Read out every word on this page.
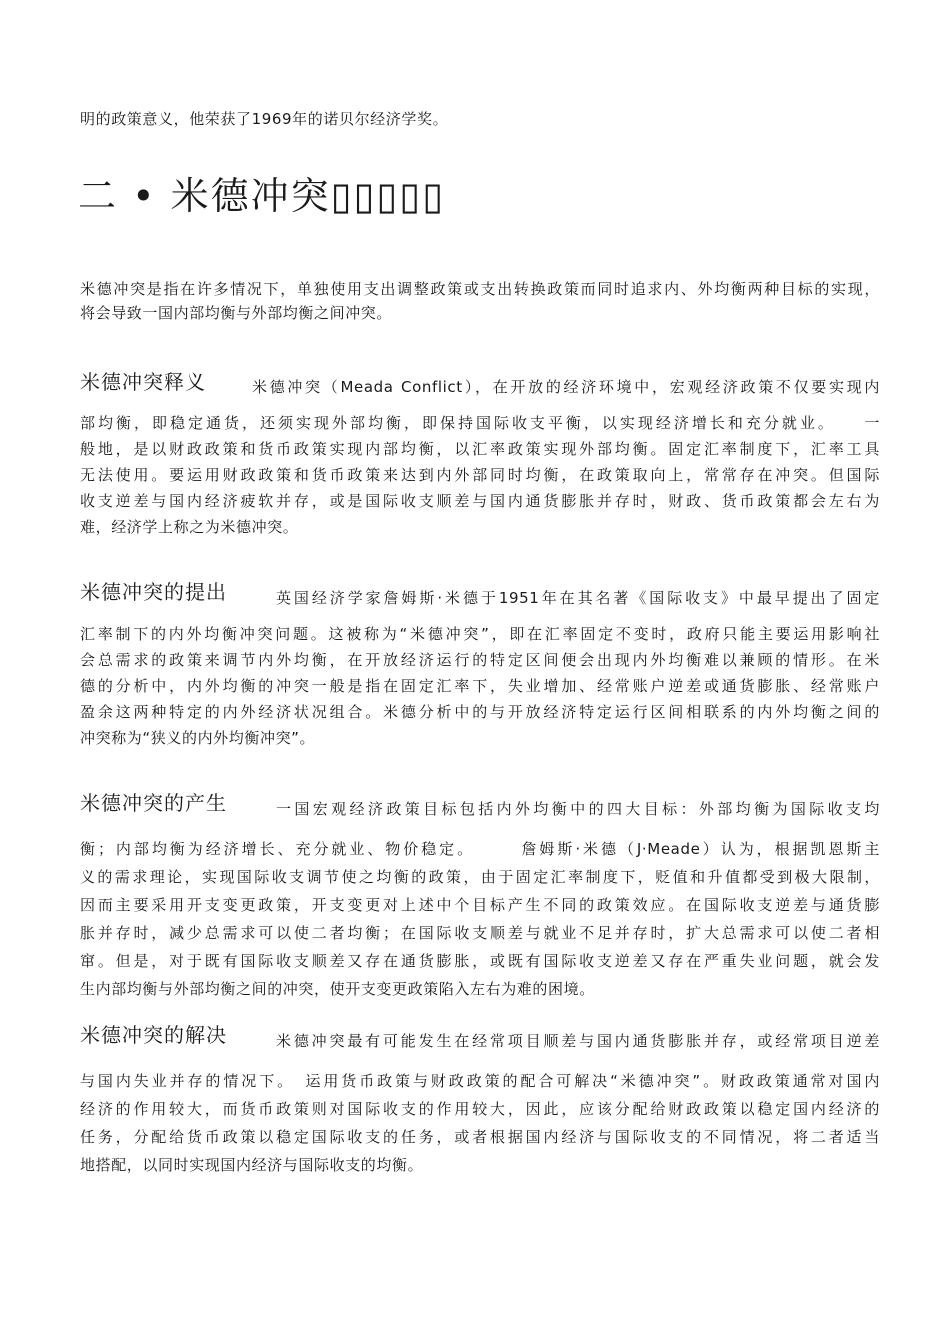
明的政策意义，他荣获了1969年的诺贝尔经济学奖。
二 • 米德冲突▯▯▯▯▯
米德冲突是指在许多情况下，单独使用支出调整政策或支出转换政策而同时追求内、外均衡两种目标的实现，
将会导致一国内部均衡与外部均衡之间冲突。
米德冲突释义	米德冲突（Meada Conflict），在开放的经济环境中，宏观经济政策不仅要实现内
部均衡，即稳定通货，还须实现外部均衡，即保持国际收支平衡，以实现经济增长和充分就业。　　一
般地，是以财政政策和货币政策实现内部均衡，以汇率政策实现外部均衡。固定汇率制度下，汇率工具
无法使用。要运用财政政策和货币政策来达到内外部同时均衡，在政策取向上，常常存在冲突。但国际
收支逆差与国内经济疲软并存，或是国际收支顺差与国内通货膨胀并存时，财政、货币政策都会左右为
难，经济学上称之为米德冲突。
米德冲突的提出	英国经济学家詹姆斯·米德于1951年在其名著《国际收支》中最早提出了固定
汇率制下的内外均衡冲突问题。这被称为“米德冲突”，即在汇率固定不变时，政府只能主要运用影响社
会总需求的政策来调节内外均衡，在开放经济运行的特定区间便会出现内外均衡难以兼顾的情形。在米
德的分析中，内外均衡的冲突一般是指在固定汇率下，失业增加、经常账户逆差或通货膨胀、经常账户
盈余这两种特定的内外经济状况组合。米德分析中的与开放经济特定运行区间相联系的内外均衡之间的
冲突称为“狭义的内外均衡冲突”。
米德冲突的产生	一国宏观经济政策目标包括内外均衡中的四大目标：外部均衡为国际收支均
衡；内部均衡为经济增长、充分就业、物价稳定。　　　詹姆斯·米德（J·Meade）认为，根据凯恩斯主
义的需求理论，实现国际收支调节使之均衡的政策，由于固定汇率制度下，贬值和升值都受到极大限制，
因而主要采用开支变更政策，开支变更对上述中个目标产生不同的政策效应。在国际收支逆差与通货膨
胀并存时，减少总需求可以使二者均衡；在国际收支顺差与就业不足并存时，扩大总需求可以使二者相
窜。但是，对于既有国际收支顺差又存在通货膨胀，或既有国际收支逆差又存在严重失业问题，就会发
生内部均衡与外部均衡之间的冲突，使开支变更政策陷入左右为难的困境。
米德冲突的解决	米德冲突最有可能发生在经常项目顺差与国内通货膨胀并存，或经常项目逆差
与国内失业并存的情况下。　运用货币政策与财政政策的配合可解决“米德冲突”。财政政策通常对国内
经济的作用较大，而货币政策则对国际收支的作用较大，因此，应该分配给财政政策以稳定国内经济的
任务，分配给货币政策以稳定国际收支的任务，或者根据国内经济与国际收支的不同情况，将二者适当
地搭配，以同时实现国内经济与国际收支的均衡。
